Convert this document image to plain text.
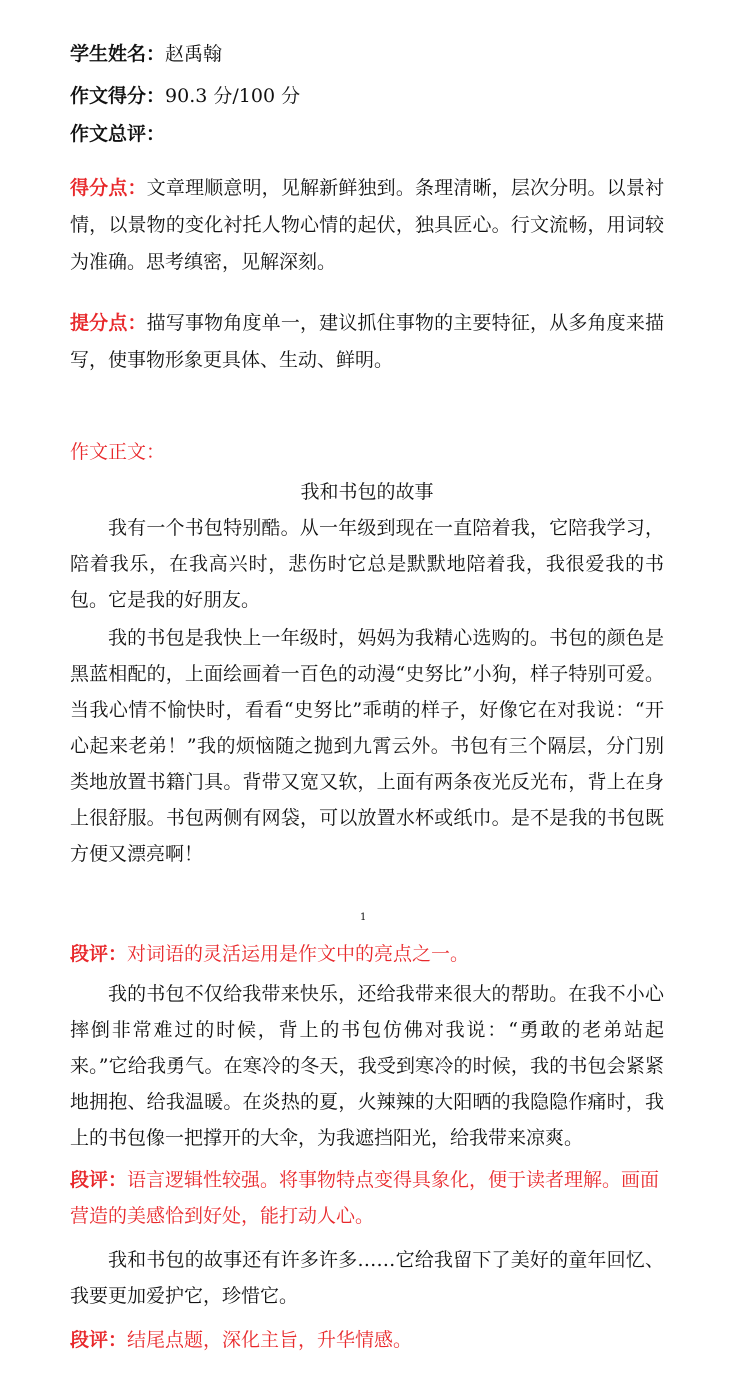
学生姓名：赵禹翰
作文得分：90.3 分/100 分
作文总评：
得分点：文章理顺意明，见解新鲜独到。条理清晰，层次分明。以景衬情，以景物的变化衬托人物心情的起伏，独具匠心。行文流畅，用词较为准确。思考缜密，见解深刻。
提分点：描写事物角度单一，建议抓住事物的主要特征，从多角度来描写，使事物形象更具体、生动、鲜明。
作文正文：
我和书包的故事
我有一个书包特别酷。从一年级到现在一直陪着我，它陪我学习，陪着我乐，在我高兴时，悲伤时它总是默默地陪着我，我很爱我的书包。它是我的好朋友。
我的书包是我快上一年级时，妈妈为我精心选购的。书包的颜色是黑蓝相配的，上面绘画着一百色的动漫“史努比”小狗，样子特别可爱。当我心情不愉快时，看看“史努比”乖萌的样子，好像它在对我说：“开心起来老弟！”我的烦恼随之抛到九霄云外。书包有三个隔层，分门别类地放置书籍门具。背带又宽又软，上面有两条夜光反光布，背上在身上很舒服。书包两侧有网袋，可以放置水杯或纸巾。是不是我的书包既方便又漂亮啊！
1
段评：对词语的灵活运用是作文中的亮点之一。
我的书包不仅给我带来快乐，还给我带来很大的帮助。在我不小心摔倒非常难过的时候，背上的书包仿佛对我说：“勇敢的老弟站起来。”它给我勇气。在寒冷的冬天，我受到寒冷的时候，我的书包会紧紧地拥抱、给我温暖。在炎热的夏，火辣辣的大阳晒的我隐隐作痛时，我上的书包像一把撑开的大伞，为我遮挡阳光，给我带来凉爽。
段评：语言逻辑性较强。将事物特点变得具象化，便于读者理解。画面营造的美感恰到好处，能打动人心。
我和书包的故事还有许多许多……它给我留下了美好的童年回忆、我要更加爱护它，珍惜它。
段评：结尾点题，深化主旨，升华情感。
